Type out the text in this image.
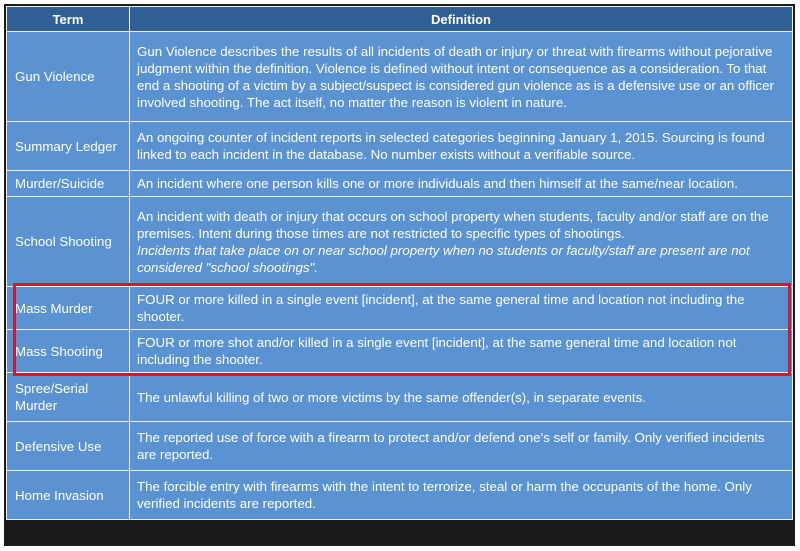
Term	Definition
Gun Violence	Gun Violence describes the results of all incidents of death or injury or threat with firearms without pejorative judgment within the definition. Violence is defined without intent or consequence as a consideration. To that end a shooting of a victim by a subject/suspect is considered gun violence as is a defensive use or an officer involved shooting. The act itself, no matter the reason is violent in nature.
Summary Ledger	An ongoing counter of incident reports in selected categories beginning January 1, 2015. Sourcing is found linked to each incident in the database. No number exists without a verifiable source.
Murder/Suicide	An incident where one person kills one or more individuals and then himself at the same/near location.
School Shooting	An incident with death or injury that occurs on school property when students, faculty and/or staff are on the premises. Intent during those times are not restricted to specific types of shootings.
Incidents that take place on or near school property when no students or faculty/staff are present are not considered "school shootings".

Mass Murder	FOUR or more killed in a single event [incident], at the same general time and location not including the shooter.
Mass Shooting	FOUR or more shot and/or killed in a single event [incident], at the same general time and location not including the shooter.
Spree/Serial Murder	The unlawful killing of two or more victims by the same offender(s), in separate events.
Defensive Use	The reported use of force with a firearm to protect and/or defend one's self or family. Only verified incidents are reported.
Home Invasion	The forcible entry with firearms with the intent to terrorize, steal or harm the occupants of the home. Only verified incidents are reported.
